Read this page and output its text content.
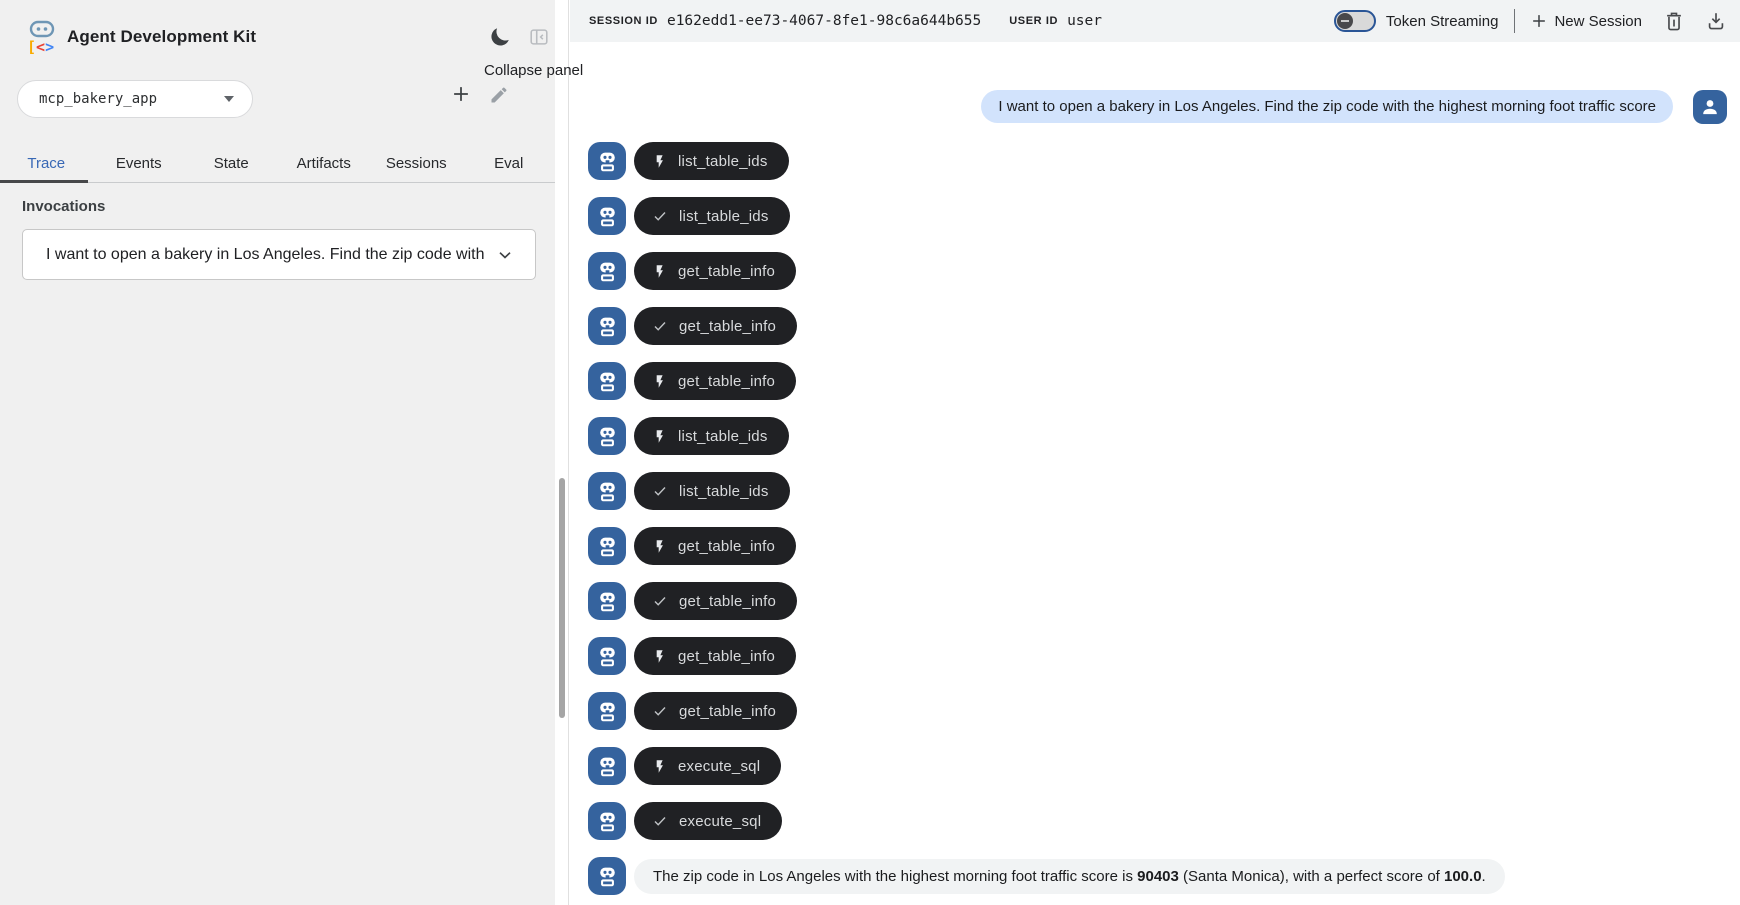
[<>
Agent Development Kit
mcp_bakery_app
Trace	Events	State	Artifacts Sessions	Eval
Invocations
I want to open a bakery in Los Angeles. Find the zip code with
Collapse panel
SESSION ID e162edd1-ee73-4067-8fe1-98c6a644b655	USER ID user	Token Streaming	New Session
I want to open a bakery in Los Angeles. Find the zip code with the highest morning foot traffic score
list_table_ids
list_table_ids
get_table_info
get_table_info
get_table_info
list_table_ids
list_table_ids
get_table_info
get_table_info
get_table_info
get_table_info
execute_sql
execute_sql
The zip code in Los Angeles with the highest morning foot traffic score is 90403 (Santa Monica), with a perfect score of 100.0.
